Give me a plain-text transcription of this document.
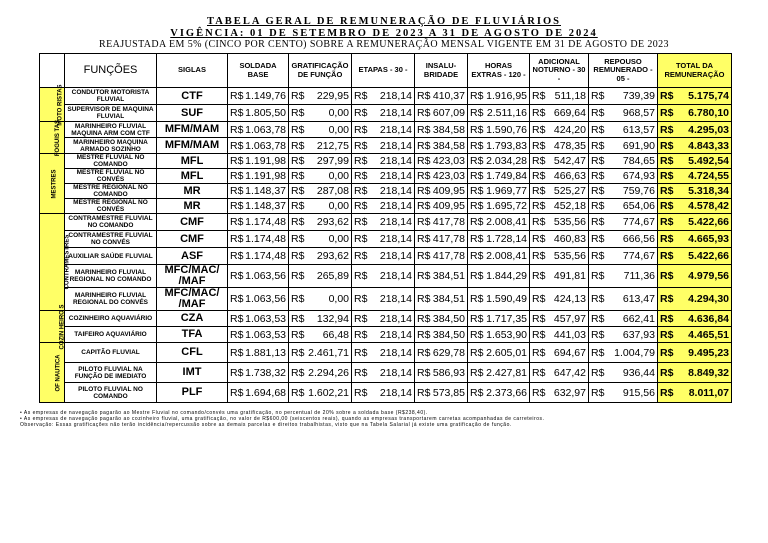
TABELA GERAL DE REMUNERAÇÃO DE FLUVIÁRIOS
VIGÊNCIA: 01 DE SETEMBRO DE 2023 A 31 DE AGOSTO DE 2024
REAJUSTADA EM 5% (CINCO POR CENTO) SOBRE A REMUNERAÇÃO MENSAL VIGENTE EM 31 DE AGOSTO DE 2023
	FUNÇÕES	SIGLAS	SOLDADA BASE	GRATIFICAÇÃO DE FUNÇÃO	ETAPAS - 30 -	INSALU- BRIDADE	HORAS EXTRAS - 120 -	ADICIONAL NOTURNO - 30 -	REPOUSO REMUNERADO - 05 -	TOTAL DA REMUNERAÇÃO
MOTO RISTAS	CONDUTOR MOTORISTA FLUVIAL	CTF	R$ 1.149,76	R$ 229,95	R$ 218,14	R$ 410,37	R$ 1.916,95	R$ 511,18	R$ 739,39	R$ 5.175,74
	SUPERVISOR DE MAQUINA FLUVIAL	SUF	R$ 1.805,50	R$ 0,00	R$ 218,14	R$ 607,09	R$ 2.511,16	R$ 669,64	R$ 968,57	R$ 6.780,10
FOGUIS TAS	MARINHEIRO FLUVIAL MAQUINA ARM COM CTF	MFM/MAM	R$ 1.063,78	R$ 0,00	R$ 218,14	R$ 384,58	R$ 1.590,76	R$ 424,20	R$ 613,57	R$ 4.295,03
	MARINHEIRO MAQUINA ARMADO SOZINHO	MFM/MAM	R$ 1.063,78	R$ 212,75	R$ 218,14	R$ 384,58	R$ 1.793,83	R$ 478,35	R$ 691,90	R$ 4.843,33
MESTRES	MESTRE FLUVIAL NO COMANDO	MFL	R$ 1.191,98	R$ 297,99	R$ 218,14	R$ 423,03	R$ 2.034,28	R$ 542,47	R$ 784,65	R$ 5.492,54
	MESTRE FLUVIAL NO CONVÉS	MFL	R$ 1.191,98	R$ 0,00	R$ 218,14	R$ 423,03	R$ 1.749,84	R$ 466,63	R$ 674,93	R$ 4.724,55
	MESTRE REGIONAL NO COMANDO	MR	R$ 1.148,37	R$ 287,08	R$ 218,14	R$ 409,95	R$ 1.969,77	R$ 525,27	R$ 759,76	R$ 5.318,34
	MESTRE REGIONAL NO CONVÉS	MR	R$ 1.148,37	R$ 0,00	R$ 218,14	R$ 409,95	R$ 1.695,72	R$ 452,18	R$ 654,06	R$ 4.578,42
CONTRAMESTRES	CONTRAMESTRE FLUVIAL NO COMANDO	CMF	R$ 1.174,48	R$ 293,62	R$ 218,14	R$ 417,78	R$ 2.008,41	R$ 535,56	R$ 774,67	R$ 5.422,66
	CONTRAMESTRE FLUVIAL NO CONVÉS	CMF	R$ 1.174,48	R$ 0,00	R$ 218,14	R$ 417,78	R$ 1.728,14	R$ 460,83	R$ 666,56	R$ 4.665,93
	AUXILIAR SAÚDE FLUVIAL	ASF	R$ 1.174,48	R$ 293,62	R$ 218,14	R$ 417,78	R$ 2.008,41	R$ 535,56	R$ 774,67	R$ 5.422,66
	MARINHEIRO FLUVIAL REGIONAL NO COMANDO	MFC/MAC/ /MAF	R$ 1.063,56	R$ 265,89	R$ 218,14	R$ 384,51	R$ 1.844,29	R$ 491,81	R$ 711,36	R$ 4.979,56
	MARINHEIRO FLUVIAL REGIONAL DO CONVÉS	MFC/MAC/ /MAF	R$ 1.063,56	R$ 0,00	R$ 218,14	R$ 384,51	R$ 1.590,49	R$ 424,13	R$ 613,47	R$ 4.294,30
COZIN HEIRO S	COZINHEIRO AQUAVIÁRIO	CZA	R$ 1.063,53	R$ 132,94	R$ 218,14	R$ 384,50	R$ 1.717,35	R$ 457,97	R$ 662,41	R$ 4.636,84
	TAIFEIRO AQUAVIÁRIO	TFA	R$ 1.063,53	R$ 66,48	R$ 218,14	R$ 384,50	R$ 1.653,90	R$ 441,03	R$ 637,93	R$ 4.465,51
OF NAUTICA	CAPITÃO FLUVIAL	CFL	R$ 1.881,13	R$ 2.461,71	R$ 218,14	R$ 629,78	R$ 2.605,01	R$ 694,67	R$ 1.004,79	R$ 9.495,23
	PILOTO FLUVIAL NA FUNÇÃO DE IMEDIATO	IMT	R$ 1.738,32	R$ 2.294,26	R$ 218,14	R$ 586,93	R$ 2.427,81	R$ 647,42	R$ 936,44	R$ 8.849,32
	PILOTO FLUVIAL NO COMANDO	PLF	R$ 1.694,68	R$ 1.602,21	R$ 218,14	R$ 573,85	R$ 2.373,66	R$ 632,97	R$ 915,56	R$ 8.011,07
• As empresas de navegação pagarão ao Mestre Fluvial no comando/convés uma gratificação, no percentual de 20% sobre a soldada base (R$238,40).
• As empresas de navegação pagarão ao cozinheiro fluvial, uma gratificação, no valor de R$600,00 (seiscentos reais), quando as empresas transportarem carretas acompanhadas de carreteiros.
Observação: Essas gratificações não terão incidência/repercussão sobre as demais parcelas e direitos trabalhistas, visto que na Tabela Salarial já existe uma gratificação de função.
